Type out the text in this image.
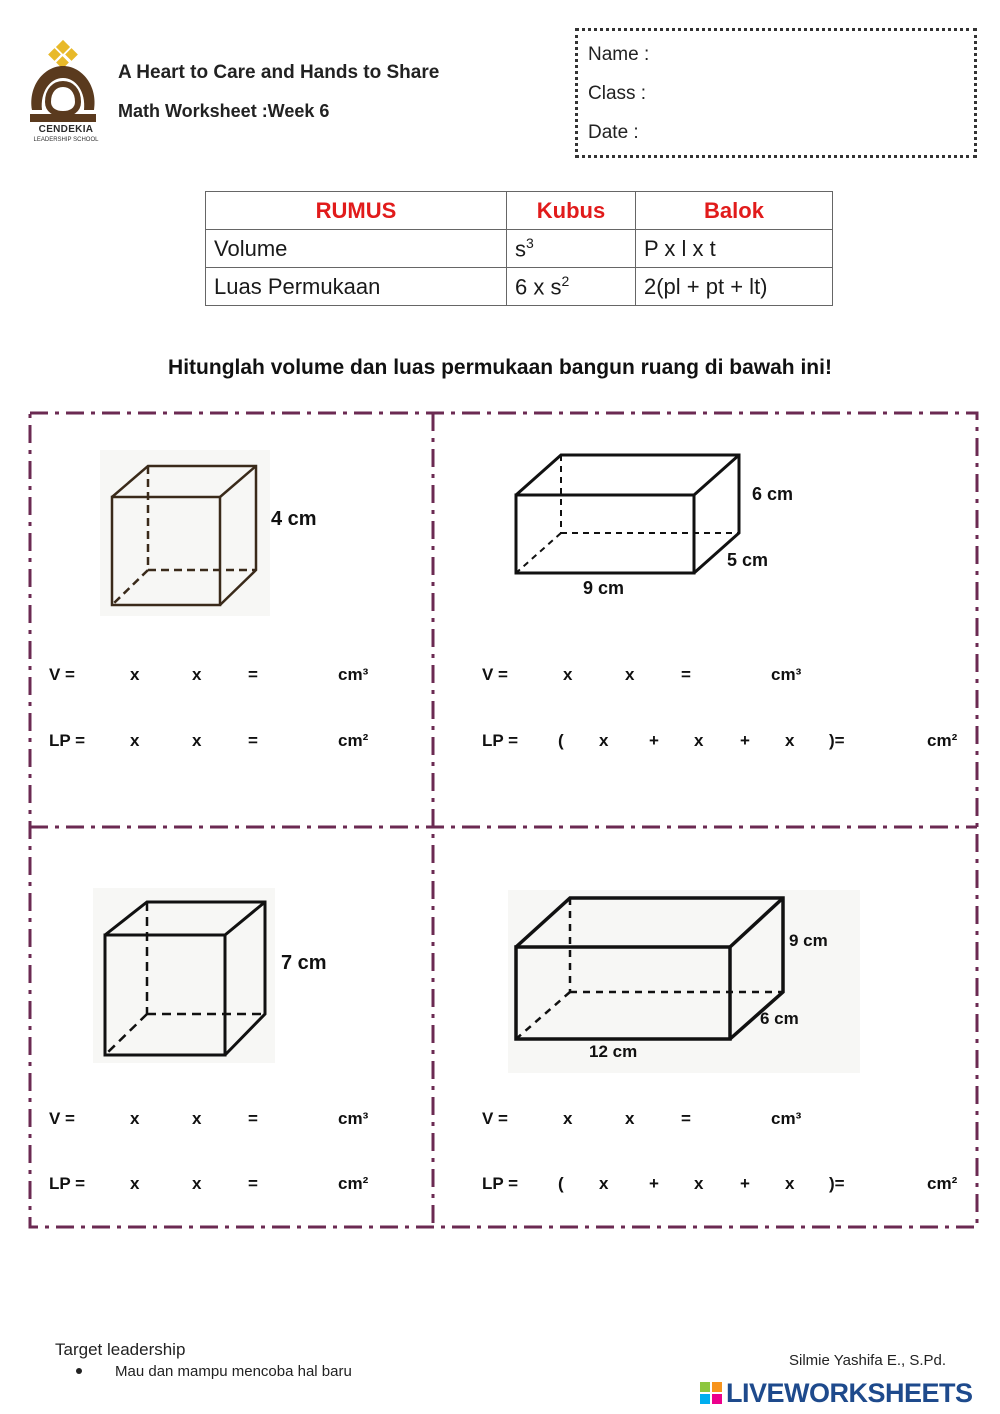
CENDEKIA
LEADERSHIP SCHOOL
A Heart to Care and Hands to Share
Math Worksheet :Week 6
Name :
Class :
Date :
RUMUS	Kubus	Balok
Volume	$s^3$	P x l x t
Luas Permukaan	6 x $s^2$	2(pl + pt + lt)
Hitunglah volume dan luas permukaan bangun ruang di bawah ini!
4 cm
6 cm
5 cm
9 cm
7 cm
9 cm
6 cm
12 cm
V =	x	x	=	cm³
LP =	x	x	=	cm²
V =	x	x	=	cm³
LP = ( x + x + x )=	cm²
V =	x	x	=	cm³
LP =	x	x	=	cm²
V =	x	x	=	cm³
LP = ( x + x + x )=	cm²
Target leadership
Mau dan mampu mencoba hal baru
Silmie Yashifa E., S.Pd.
LIVEWORKSHEETS
